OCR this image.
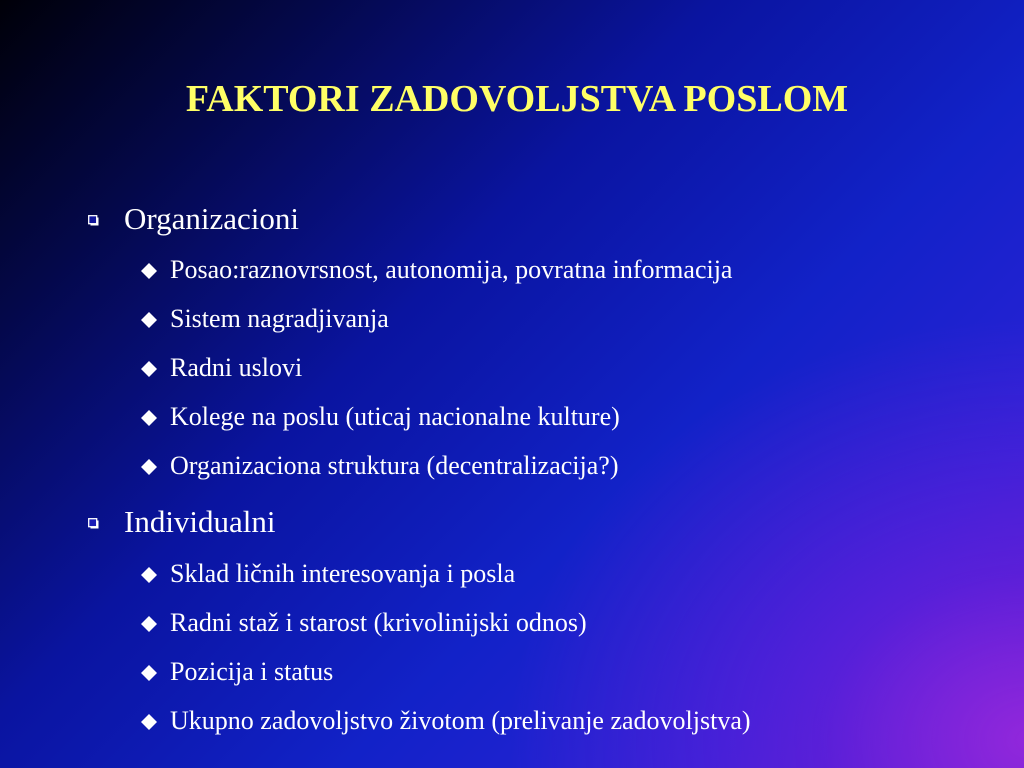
FAKTORI ZADOVOLJSTVA POSLOM
Organizacioni
Posao:raznovrsnost, autonomija, povratna informacija
Sistem nagradjivanja
Radni uslovi
Kolege na poslu (uticaj nacionalne kulture)
Organizaciona struktura (decentralizacija?)
Individualni
Sklad ličnih interesovanja i posla
Radni staž i starost (krivolinijski odnos)
Pozicija i status
Ukupno zadovoljstvo životom (prelivanje zadovoljstva)
